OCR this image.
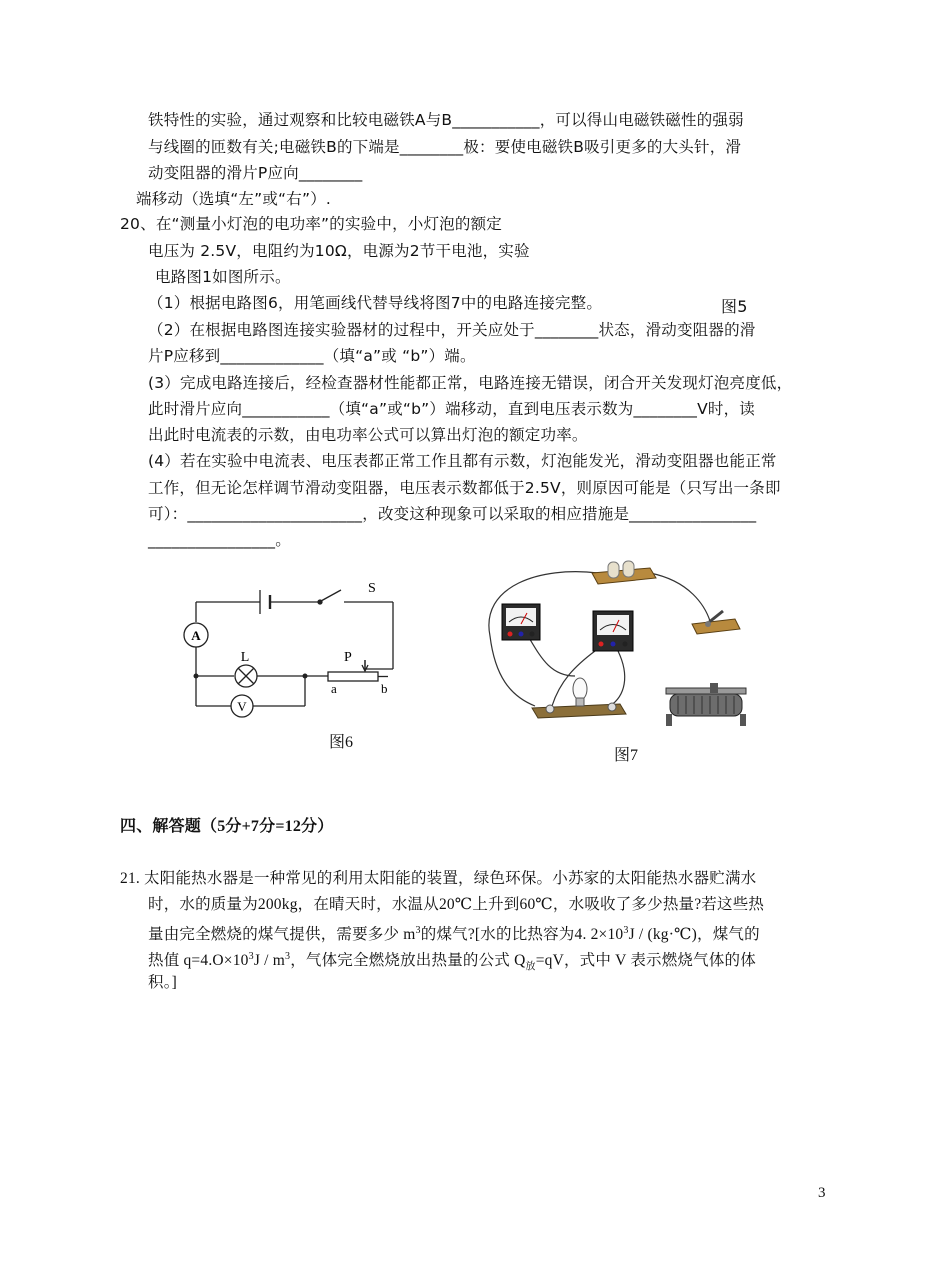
铁特性的实验，通过观察和比较电磁铁A与B___________，可以得山电磁铁磁性的强弱
与线圈的匝数有关;电磁铁B的下端是________极：要使电磁铁B吸引更多的大头针，滑
动变阻器的滑片P应向________
端移动（选填“左”或“右”）.
20、在“测量小灯泡的电功率”的实验中，小灯泡的额定
电压为 2.5V，电阻约为10Ω，电源为2节干电池，实验
电路图1如图所示。
（1）根据电路图6，用笔画线代替导线将图7中的电路连接完整。	图5
（2）在根据电路图连接实验器材的过程中，开关应处于________状态，滑动变阻器的滑
片P应移到_____________（填“a”或 “b”）端。
(3）完成电路连接后，经检查器材性能都正常，电路连接无错误，闭合开关发现灯泡亮度低，
此时滑片应向___________（填“a”或“b”）端移动，直到电压表示数为________V时，读
出此时电流表的示数，由电功率公式可以算出灯泡的额定功率。
(4）若在实验中电流表、电压表都正常工作且都有示数，灯泡能发光，滑动变阻器也能正常
工作，但无论怎样调节滑动变阻器，电压表示数都低于2.5V，则原因可能是（只写出一条即
可）：______________________，改变这种现象可以采取的相应措施是________________
________________。
A
V
L
S
P
a	b
图6
图7
四、解答题（5分+7分=12分）
21. 太阳能热水器是一种常见的利用太阳能的装置，绿色环保。小苏家的太阳能热水器贮满水
时，水的质量为200kg，在晴天时，水温从20℃上升到60℃，水吸收了多少热量?若这些热
量由完全燃烧的煤气提供，需要多少 $m^3$的煤气?[水的比热容为4. $2\times 10^3J$ / (kg·℃)，煤气的
热值 $q=4.O\times 10^3J / m^3$，气体完全燃烧放出热量的公式 $Q_放=qV$，式中 V 表示燃烧气体的体
积。]
3
